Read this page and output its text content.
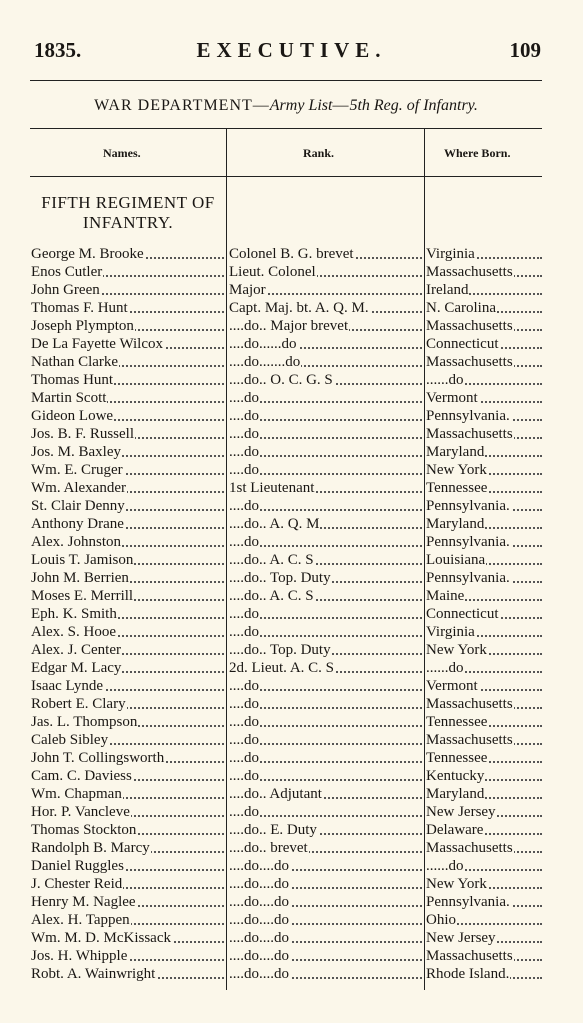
1835.	EXECUTIVE.	109
WAR DEPARTMENT—Army List—5th Reg. of Infantry.
Names.	Rank.	Where Born.
FIFTH REGIMENT OF INFANTRY.
George M. Brooke	Colonel B. G. brevet	Virginia
Enos Cutler	Lieut. Colonel	Massachusetts
John Green	Major	Ireland
Thomas F. Hunt	Capt. Maj. bt. A. Q. M.	N. Carolina
Joseph Plympton	....do.. Major brevet	Massachusetts
De La Fayette Wilcox	....do......do	Connecticut
Nathan Clarke	....do.......do	Massachusetts
Thomas Hunt	....do.. O. C. G. S	......do
Martin Scott	....do	Vermont
Gideon Lowe	....do	Pennsylvania.
Jos. B. F. Russell	....do	Massachusetts
Jos. M. Baxley	....do	Maryland
Wm. E. Cruger	....do	New York
Wm. Alexander	1st Lieutenant	Tennessee
St. Clair Denny	....do	Pennsylvania.
Anthony Drane	....do.. A. Q. M	Maryland
Alex. Johnston	....do	Pennsylvania.
Louis T. Jamison	....do.. A. C. S	Louisiana
John M. Berrien	....do.. Top. Duty	Pennsylvania.
Moses E. Merrill	....do.. A. C. S	Maine
Eph. K. Smith	....do	Connecticut
Alex. S. Hooe	....do	Virginia
Alex. J. Center	....do.. Top. Duty	New York
Edgar M. Lacy	2d. Lieut. A. C. S	......do
Isaac Lynde	....do	Vermont
Robert E. Clary	....do	Massachusetts
Jas. L. Thompson	....do	Tennessee
Caleb Sibley	....do	Massachusetts
John T. Collingsworth	....do	Tennessee
Cam. C. Daviess	....do	Kentucky
Wm. Chapman	....do.. Adjutant	Maryland
Hor. P. Vancleve	....do	New Jersey
Thomas Stockton	....do.. E. Duty	Delaware
Randolph B. Marcy	....do.. brevet	Massachusetts
Daniel Ruggles	....do....do	......do
J. Chester Reid	....do....do	New York
Henry M. Naglee	....do....do	Pennsylvania.
Alex. H. Tappen	....do....do	Ohio
Wm. M. D. McKissack	....do....do	New Jersey
Jos. H. Whipple	....do....do	Massachusetts
Robt. A. Wainwright	....do....do	Rhode Island.
